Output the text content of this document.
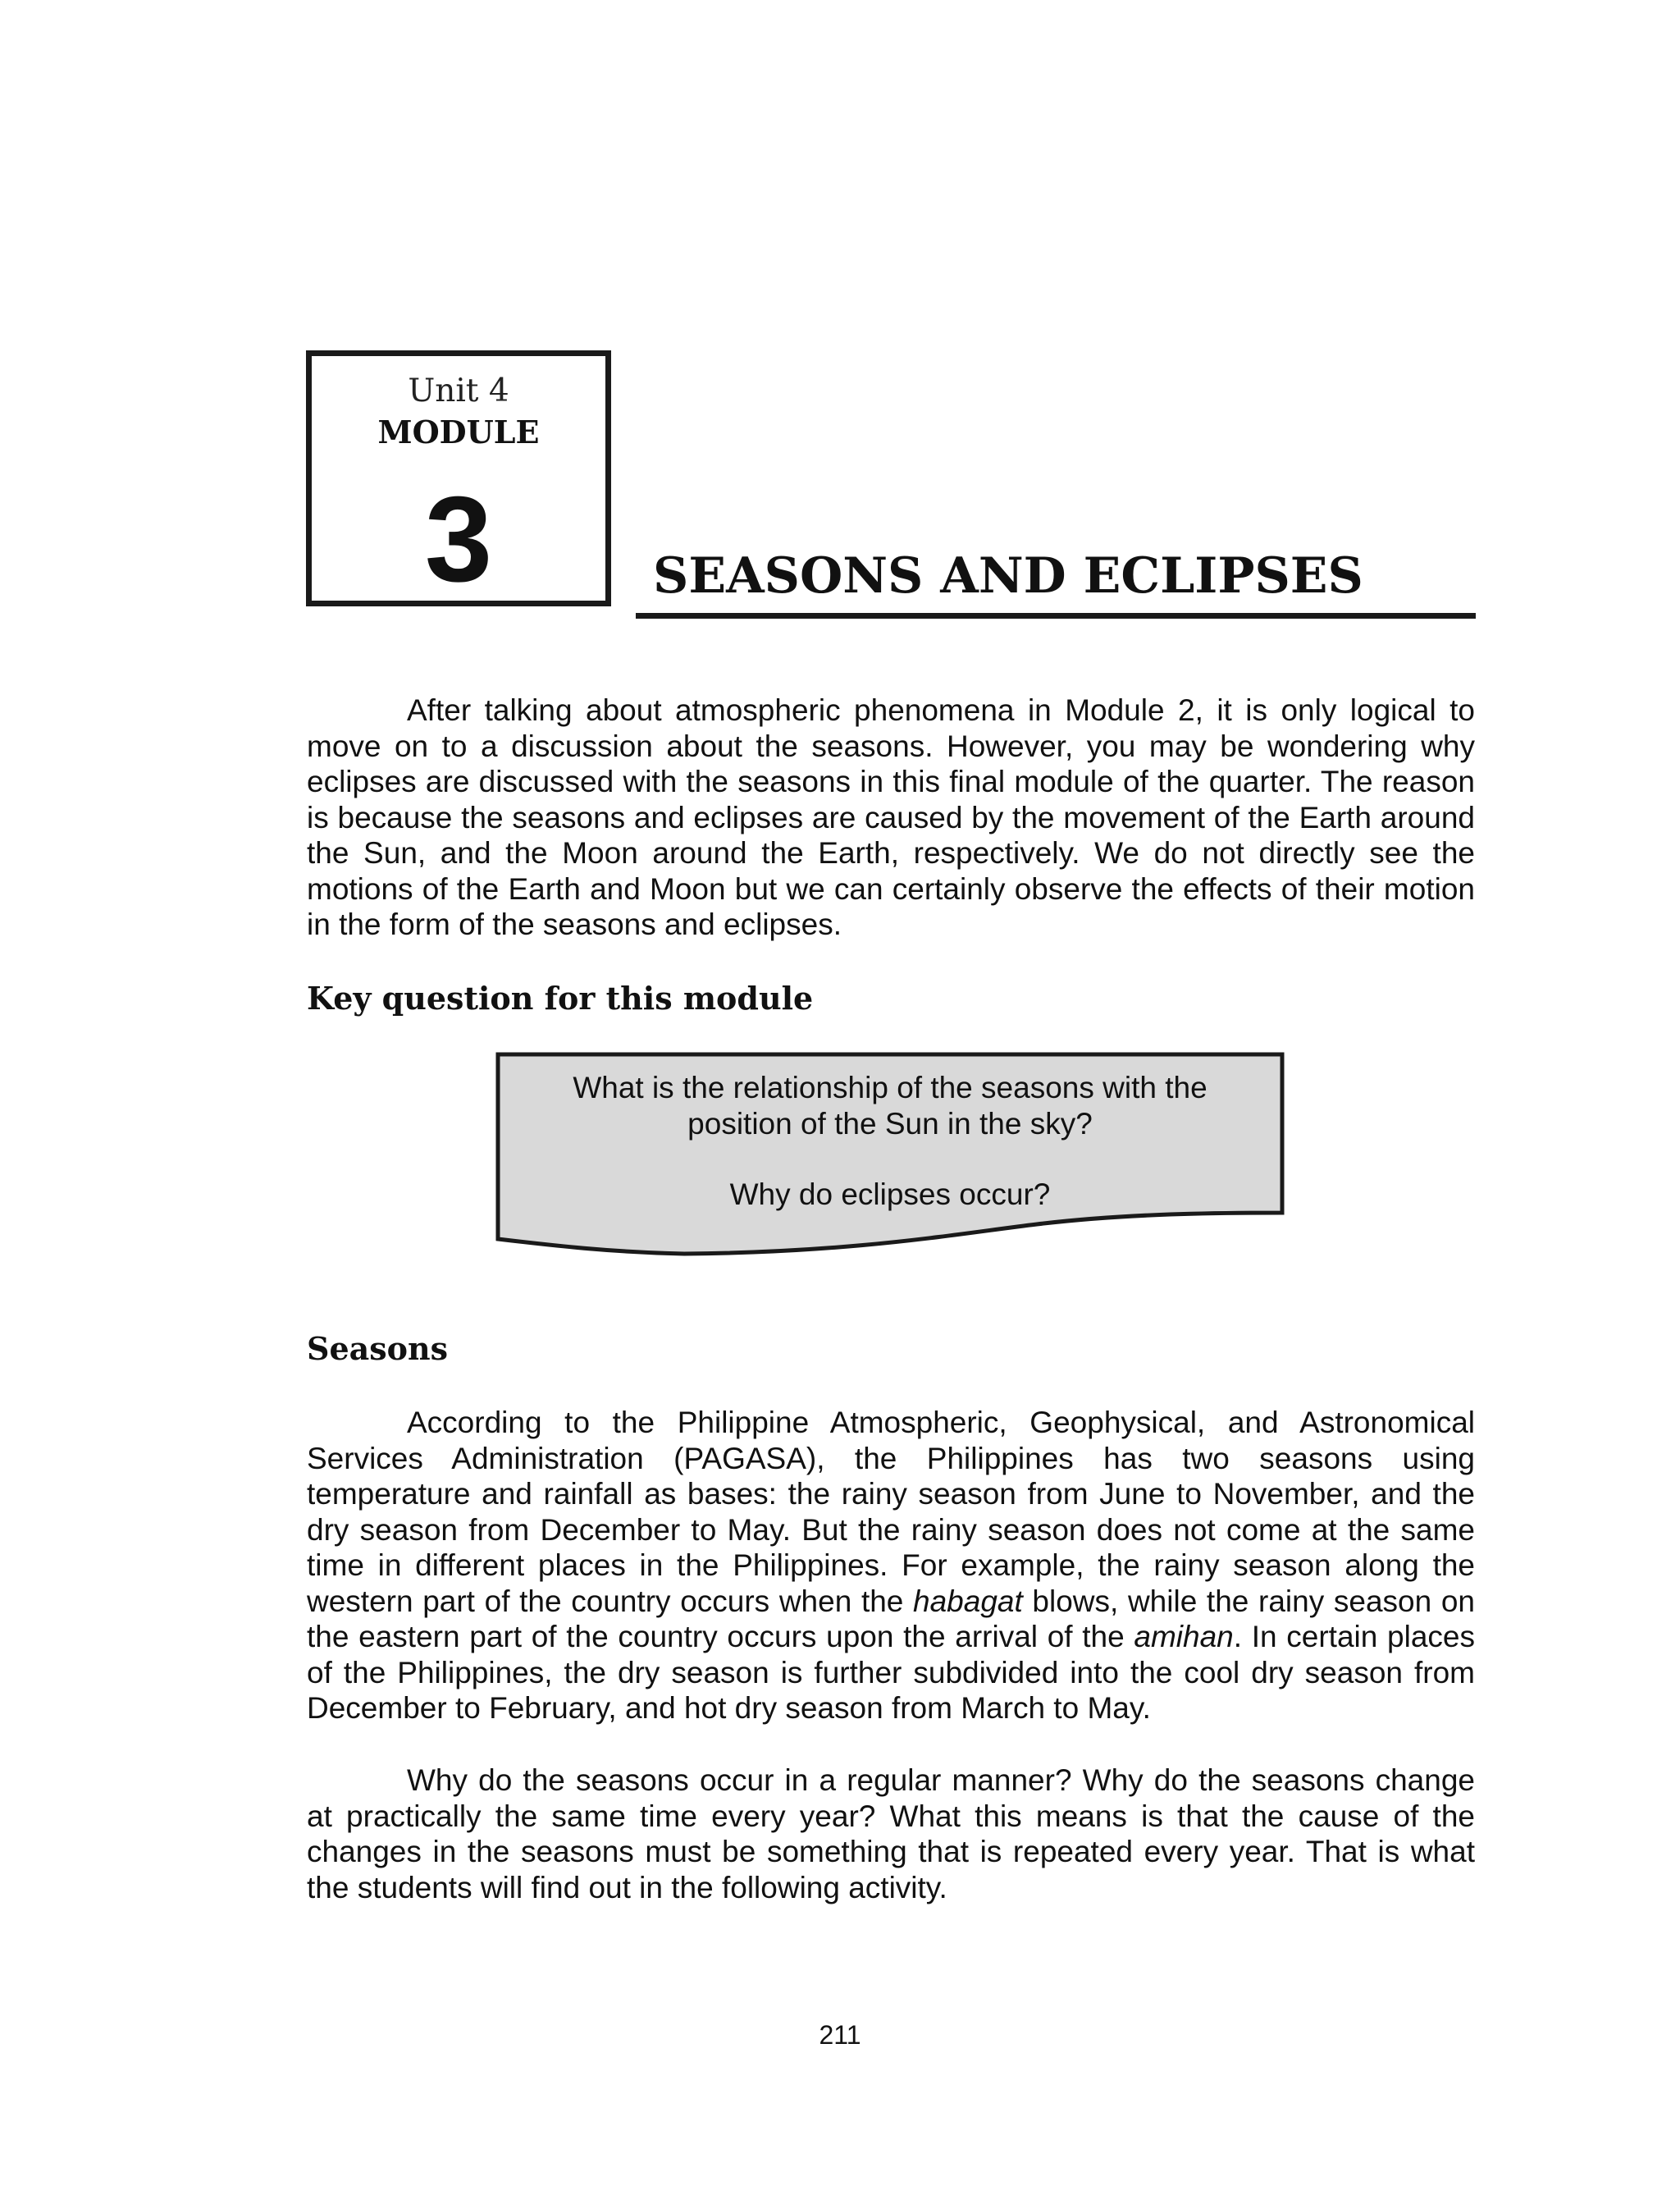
Unit 4
MODULE
3	SEASONS AND ECLIPSES

After talking about atmospheric phenomena in Module 2, it is only logical to move on to a discussion about the seasons. However, you may be wondering why eclipses are discussed with the seasons in this final module of the quarter. The reason is because the seasons and eclipses are caused by the movement of the Earth around the Sun, and the Moon around the Earth, respectively. We do not directly see the motions of the Earth and Moon but we can certainly observe the effects of their motion in the form of the seasons and eclipses.

Key question for this module
What is the relationship of the seasons with the position of the Sun in the sky?
Why do eclipses occur?
Seasons

According to the Philippine Atmospheric, Geophysical, and Astronomical Services Administration (PAGASA), the Philippines has two seasons using temperature and rainfall as bases: the rainy season from June to November, and the dry season from December to May. But the rainy season does not come at the same time in different places in the Philippines. For example, the rainy season along the western part of the country occurs when the habagat blows, while the rainy season on the eastern part of the country occurs upon the arrival of the amihan. In certain places of the Philippines, the dry season is further subdivided into the cool dry season from December to February, and hot dry season from March to May.

Why do the seasons occur in a regular manner? Why do the seasons change at practically the same time every year? What this means is that the cause of the changes in the seasons must be something that is repeated every year. That is what the students will find out in the following activity.

211
